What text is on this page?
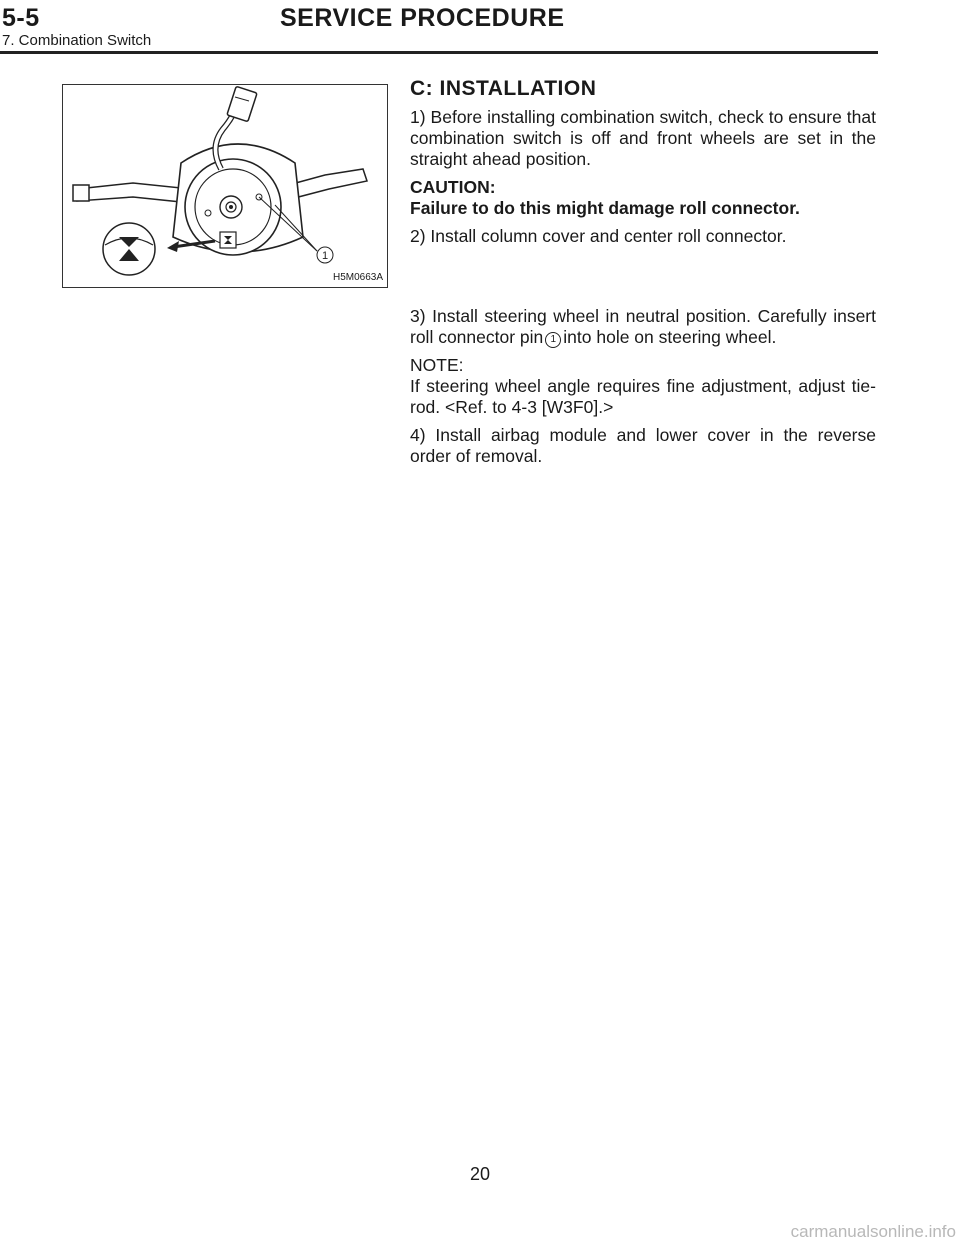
5-5	SERVICE PROCEDURE
7. Combination Switch
1
H5M0663A
C: INSTALLATION

1) Before installing combination switch, check to ensure that combination switch is off and front wheels are set in the straight ahead position.

CAUTION:

Failure to do this might damage roll connector.

2) Install column cover and center roll connector.

3) Install steering wheel in neutral position. Carefully insert roll connector pin 1 into hole on steering wheel.

NOTE:

If steering wheel angle requires fine adjustment, adjust tie-rod. <Ref. to 4-3 [W3F0].>

4) Install airbag module and lower cover in the reverse order of removal.

20
carmanualsonline.info
